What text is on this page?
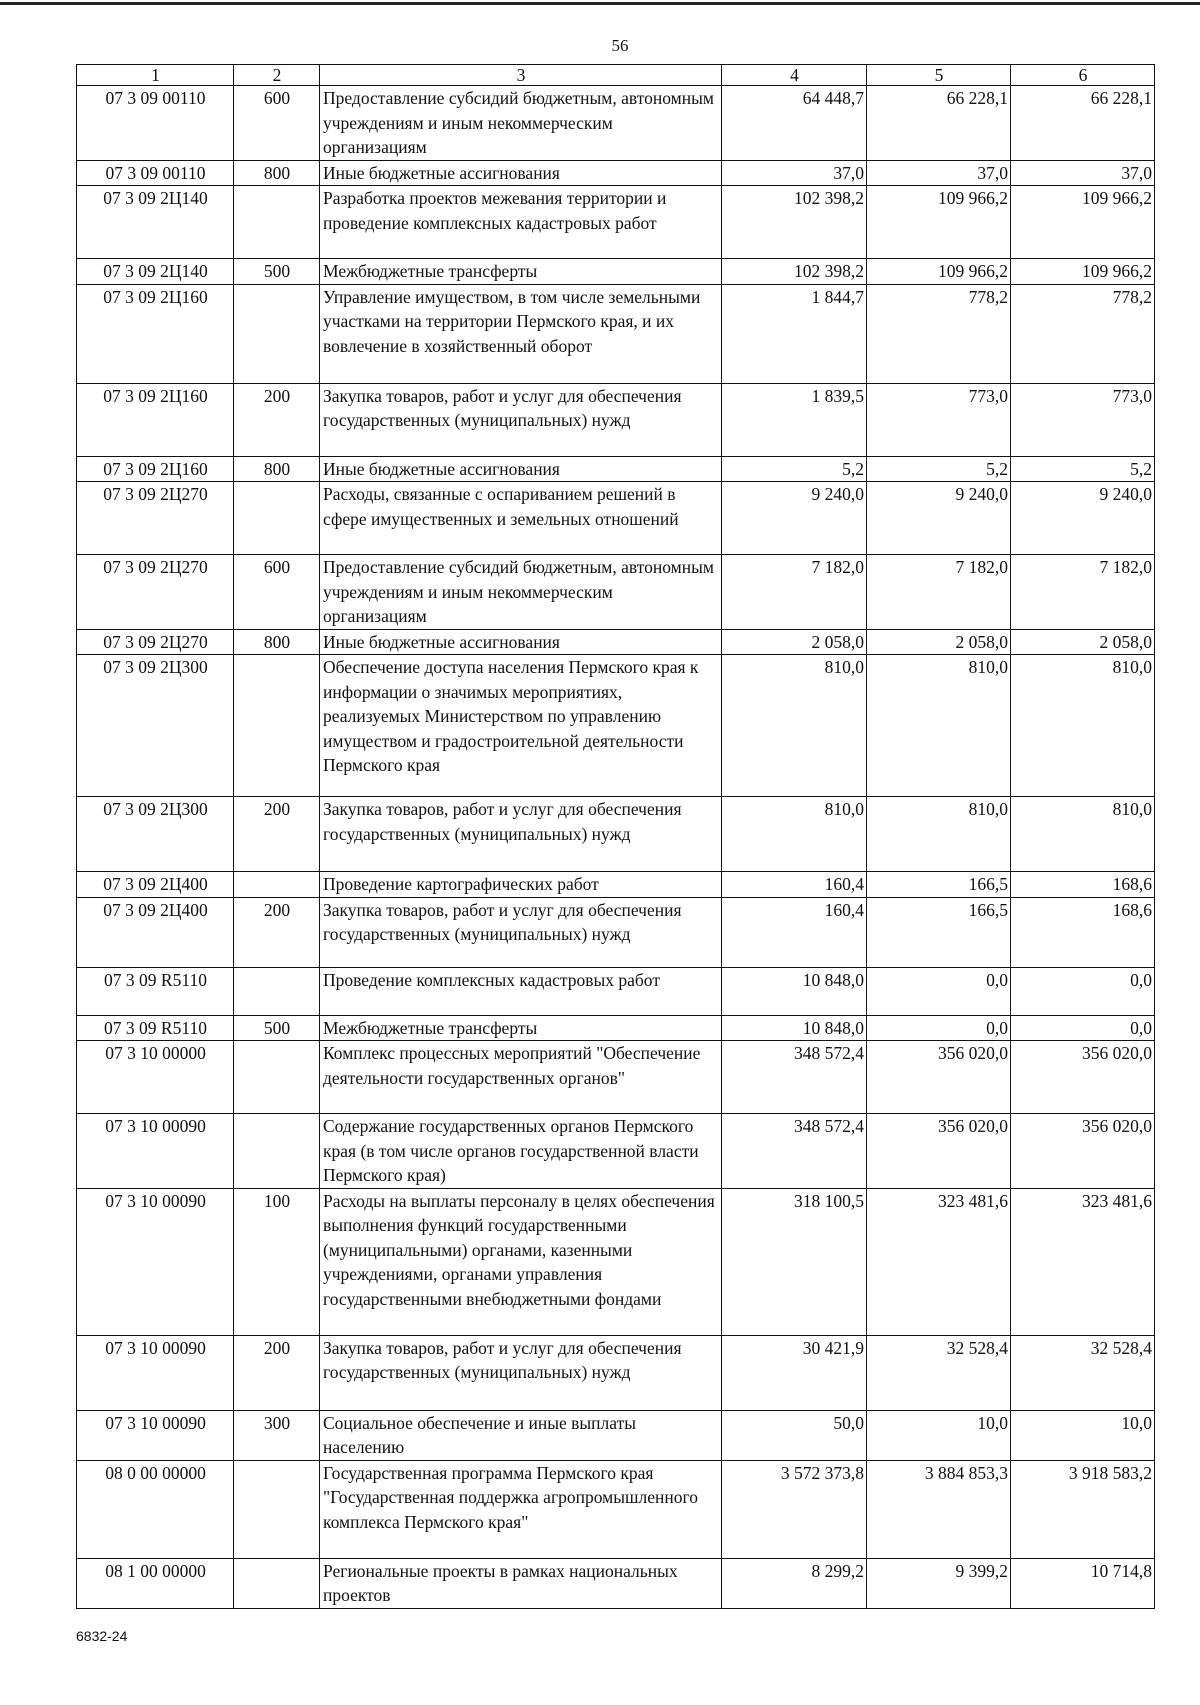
56
1	2	3	4	5	6
07 3 09 00110	600	Предоставление субсидий бюджетным, автономным учреждениям и иным некоммерческим организациям	64 448,7	66 228,1	66 228,1
07 3 09 00110	800	Иные бюджетные ассигнования	37,0	37,0	37,0
07 3 09 2Ц140		Разработка проектов межевания территории и проведение комплексных кадастровых работ	102 398,2	109 966,2	109 966,2
07 3 09 2Ц140	500	Межбюджетные трансферты	102 398,2	109 966,2	109 966,2
07 3 09 2Ц160		Управление имуществом, в том числе земельными участками на территории Пермского края, и их вовлечение в хозяйственный оборот	1 844,7	778,2	778,2
07 3 09 2Ц160	200	Закупка товаров, работ и услуг для обеспечения государственных (муниципальных) нужд	1 839,5	773,0	773,0
07 3 09 2Ц160	800	Иные бюджетные ассигнования	5,2	5,2	5,2
07 3 09 2Ц270		Расходы, связанные с оспариванием решений в сфере имущественных и земельных отношений	9 240,0	9 240,0	9 240,0
07 3 09 2Ц270	600	Предоставление субсидий бюджетным, автономным учреждениям и иным некоммерческим организациям	7 182,0	7 182,0	7 182,0
07 3 09 2Ц270	800	Иные бюджетные ассигнования	2 058,0	2 058,0	2 058,0
07 3 09 2Ц300		Обеспечение доступа населения Пермского края к информации о значимых мероприятиях, реализуемых Министерством по управлению имуществом и градостроительной деятельности Пермского края	810,0	810,0	810,0
07 3 09 2Ц300	200	Закупка товаров, работ и услуг для обеспечения государственных (муниципальных) нужд	810,0	810,0	810,0
07 3 09 2Ц400		Проведение картографических работ	160,4	166,5	168,6
07 3 09 2Ц400	200	Закупка товаров, работ и услуг для обеспечения государственных (муниципальных) нужд	160,4	166,5	168,6
07 3 09 R5110		Проведение комплексных кадастровых работ	10 848,0	0,0	0,0
07 3 09 R5110	500	Межбюджетные трансферты	10 848,0	0,0	0,0
07 3 10 00000		Комплекс процессных мероприятий "Обеспечение деятельности государственных органов"	348 572,4	356 020,0	356 020,0
07 3 10 00090		Содержание государственных органов Пермского края (в том числе органов государственной власти Пермского края)	348 572,4	356 020,0	356 020,0
07 3 10 00090	100	Расходы на выплаты персоналу в целях обеспечения выполнения функций государственными (муниципальными) органами, казенными учреждениями, органами управления государственными внебюджетными фондами	318 100,5	323 481,6	323 481,6
07 3 10 00090	200	Закупка товаров, работ и услуг для обеспечения государственных (муниципальных) нужд	30 421,9	32 528,4	32 528,4
07 3 10 00090	300	Социальное обеспечение и иные выплаты населению	50,0	10,0	10,0
08 0 00 00000		Государственная программа Пермского края "Государственная поддержка агропромышленного комплекса Пермского края"	3 572 373,8	3 884 853,3	3 918 583,2
08 1 00 00000		Региональные проекты в рамках национальных проектов	8 299,2	9 399,2	10 714,8
6832-24
